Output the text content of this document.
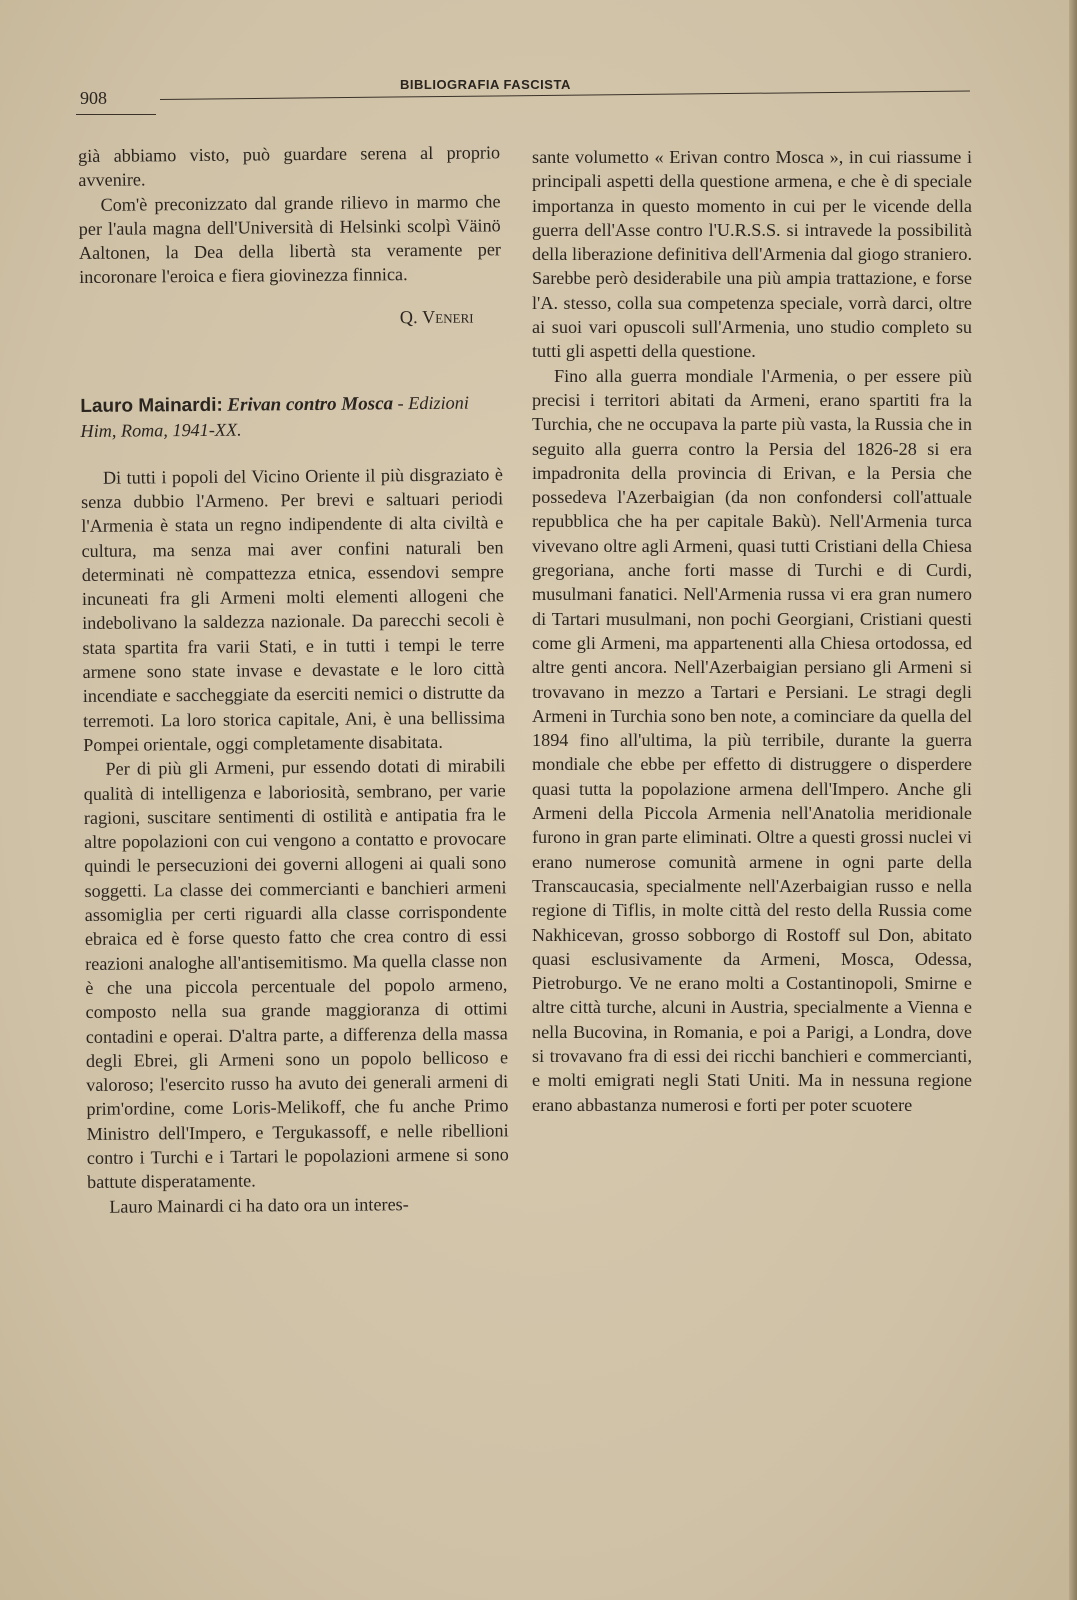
908
BIBLIOGRAFIA FASCISTA

già abbiamo visto, può guardare serena al proprio avvenire.

Com'è preconizzato dal grande rilievo in marmo che per l'aula magna dell'Università di Helsinki scolpì Väinö Aaltonen, la Dea della libertà sta veramente per incoronare l'eroica e fiera giovinezza finnica.

Q. Veneri

Lauro Mainardi: Erivan contro Mosca - Edizioni Him, Roma, 1941-XX.

Di tutti i popoli del Vicino Oriente il più disgraziato è senza dubbio l'Armeno. Per brevi e saltuari periodi l'Armenia è stata un regno indipendente di alta civiltà e cultura, ma senza mai aver confini naturali ben determinati nè compattezza etnica, essendovi sempre incuneati fra gli Armeni molti elementi allogeni che indebolivano la saldezza nazionale. Da parecchi secoli è stata spartita fra varii Stati, e in tutti i tempi le terre armene sono state invase e devastate e le loro città incendiate e saccheggiate da eserciti nemici o distrutte da terremoti. La loro storica capitale, Ani, è una bellissima Pompei orientale, oggi completamente disabitata.

Per di più gli Armeni, pur essendo dotati di mirabili qualità di intelligenza e laboriosità, sembrano, per varie ragioni, suscitare sentimenti di ostilità e antipatia fra le altre popolazioni con cui vengono a contatto e provocare quindi le persecuzioni dei governi allogeni ai quali sono soggetti. La classe dei commercianti e banchieri armeni assomiglia per certi riguardi alla classe corrispondente ebraica ed è forse questo fatto che crea contro di essi reazioni analoghe all'antisemitismo. Ma quella classe non è che una piccola percentuale del popolo armeno, composto nella sua grande maggioranza di ottimi contadini e operai. D'altra parte, a differenza della massa degli Ebrei, gli Armeni sono un popolo bellicoso e valoroso; l'esercito russo ha avuto dei generali armeni di prim'ordine, come Loris-Melikoff, che fu anche Primo Ministro dell'Impero, e Tergukassoff, e nelle ribellioni contro i Turchi e i Tartari le popolazioni armene si sono battute disperatamente.

Lauro Mainardi ci ha dato ora un interes-

sante volumetto « Erivan contro Mosca », in cui riassume i principali aspetti della questione armena, e che è di speciale importanza in questo momento in cui per le vicende della guerra dell'Asse contro l'U.R.S.S. si intravede la possibilità della liberazione definitiva dell'Armenia dal giogo straniero. Sarebbe però desiderabile una più ampia trattazione, e forse l'A. stesso, colla sua competenza speciale, vorrà darci, oltre ai suoi vari opuscoli sull'Armenia, uno studio completo su tutti gli aspetti della questione.

Fino alla guerra mondiale l'Armenia, o per essere più precisi i territori abitati da Armeni, erano spartiti fra la Turchia, che ne occupava la parte più vasta, la Russia che in seguito alla guerra contro la Persia del 1826-28 si era impadronita della provincia di Erivan, e la Persia che possedeva l'Azerbaigian (da non confondersi coll'attuale repubblica che ha per capitale Bakù). Nell'Armenia turca vivevano oltre agli Armeni, quasi tutti Cristiani della Chiesa gregoriana, anche forti masse di Turchi e di Curdi, musulmani fanatici. Nell'Armenia russa vi era gran numero di Tartari musulmani, non pochi Georgiani, Cristiani questi come gli Armeni, ma appartenenti alla Chiesa ortodossa, ed altre genti ancora. Nell'Azerbaigian persiano gli Armeni si trovavano in mezzo a Tartari e Persiani. Le stragi degli Armeni in Turchia sono ben note, a cominciare da quella del 1894 fino all'ultima, la più terribile, durante la guerra mondiale che ebbe per effetto di distruggere o disperdere quasi tutta la popolazione armena dell'Impero. Anche gli Armeni della Piccola Armenia nell'Anatolia meridionale furono in gran parte eliminati. Oltre a questi grossi nuclei vi erano numerose comunità armene in ogni parte della Transcaucasia, specialmente nell'Azerbaigian russo e nella regione di Tiflis, in molte città del resto della Russia come Nakhicevan, grosso sobborgo di Rostoff sul Don, abitato quasi esclusivamente da Armeni, Mosca, Odessa, Pietroburgo. Ve ne erano molti a Costantinopoli, Smirne e altre città turche, alcuni in Austria, specialmente a Vienna e nella Bucovina, in Romania, e poi a Parigi, a Londra, dove si trovavano fra di essi dei ricchi banchieri e commercianti, e molti emigrati negli Stati Uniti. Ma in nessuna regione erano abbastanza numerosi e forti per poter scuotere
